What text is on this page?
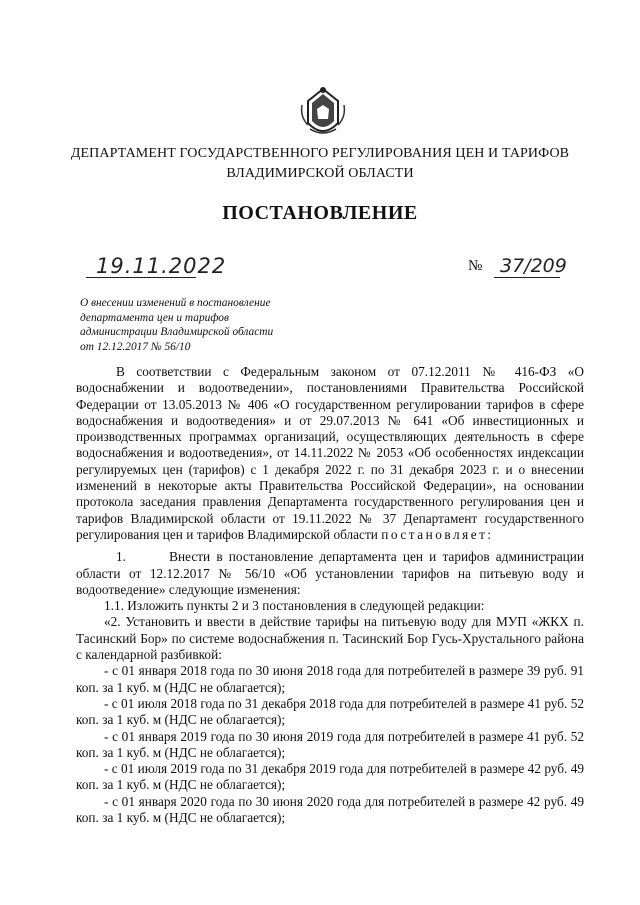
ДЕПАРТАМЕНТ ГОСУДАРСТВЕННОГО РЕГУЛИРОВАНИЯ ЦЕН И ТАРИФОВ
ВЛАДИМИРСКОЙ ОБЛАСТИ
ПОСТАНОВЛЕНИЕ
19.11.2022	№ 37/209
О внесении изменений в постановление
департамента цен и тарифов
администрации Владимирской области
от 12.12.2017 № 56/10

В соответствии с Федеральным законом от 07.12.2011 № 416-ФЗ «О водоснабжении и водоотведении», постановлениями Правительства Российской Федерации от 13.05.2013 № 406 «О государственном регулировании тарифов в сфере водоснабжения и водоотведения» и от 29.07.2013 № 641 «Об инвестиционных и производственных программах организаций, осуществляющих деятельность в сфере водоснабжения и водоотведения», от 14.11.2022 № 2053 «Об особенностях индексации регулируемых цен (тарифов) с 1 декабря 2022 г. по 31 декабря 2023 г. и о внесении изменений в некоторые акты Правительства Российской Федерации», на основании протокола заседания правления Департамента государственного регулирования цен и тарифов Владимирской области от 19.11.2022 № 37 Департамент государственного регулирования цен и тарифов Владимирской области постановляет:

1.       Внести в постановление департамента цен и тарифов администрации области от 12.12.2017 № 56/10 «Об установлении тарифов на питьевую воду и водоотведение» следующие изменения:

1.1. Изложить пункты 2 и 3 постановления в следующей редакции:

«2. Установить и ввести в действие тарифы на питьевую воду для МУП «ЖКХ п. Тасинский Бор» по системе водоснабжения п. Тасинский Бор Гусь-Хрустального района с календарной разбивкой:

- с 01 января 2018 года по 30 июня 2018 года для потребителей в размере 39 руб. 91 коп. за 1 куб. м (НДС не облагается);

- с 01 июля 2018 года по 31 декабря 2018 года для потребителей в размере 41 руб. 52 коп. за 1 куб. м (НДС не облагается);

- с 01 января 2019 года по 30 июня 2019 года для потребителей в размере 41 руб. 52 коп. за 1 куб. м (НДС не облагается);

- с 01 июля 2019 года по 31 декабря 2019 года для потребителей в размере 42 руб. 49 коп. за 1 куб. м (НДС не облагается);

- с 01 января 2020 года по 30 июня 2020 года для потребителей в размере 42 руб. 49 коп. за 1 куб. м (НДС не облагается);
